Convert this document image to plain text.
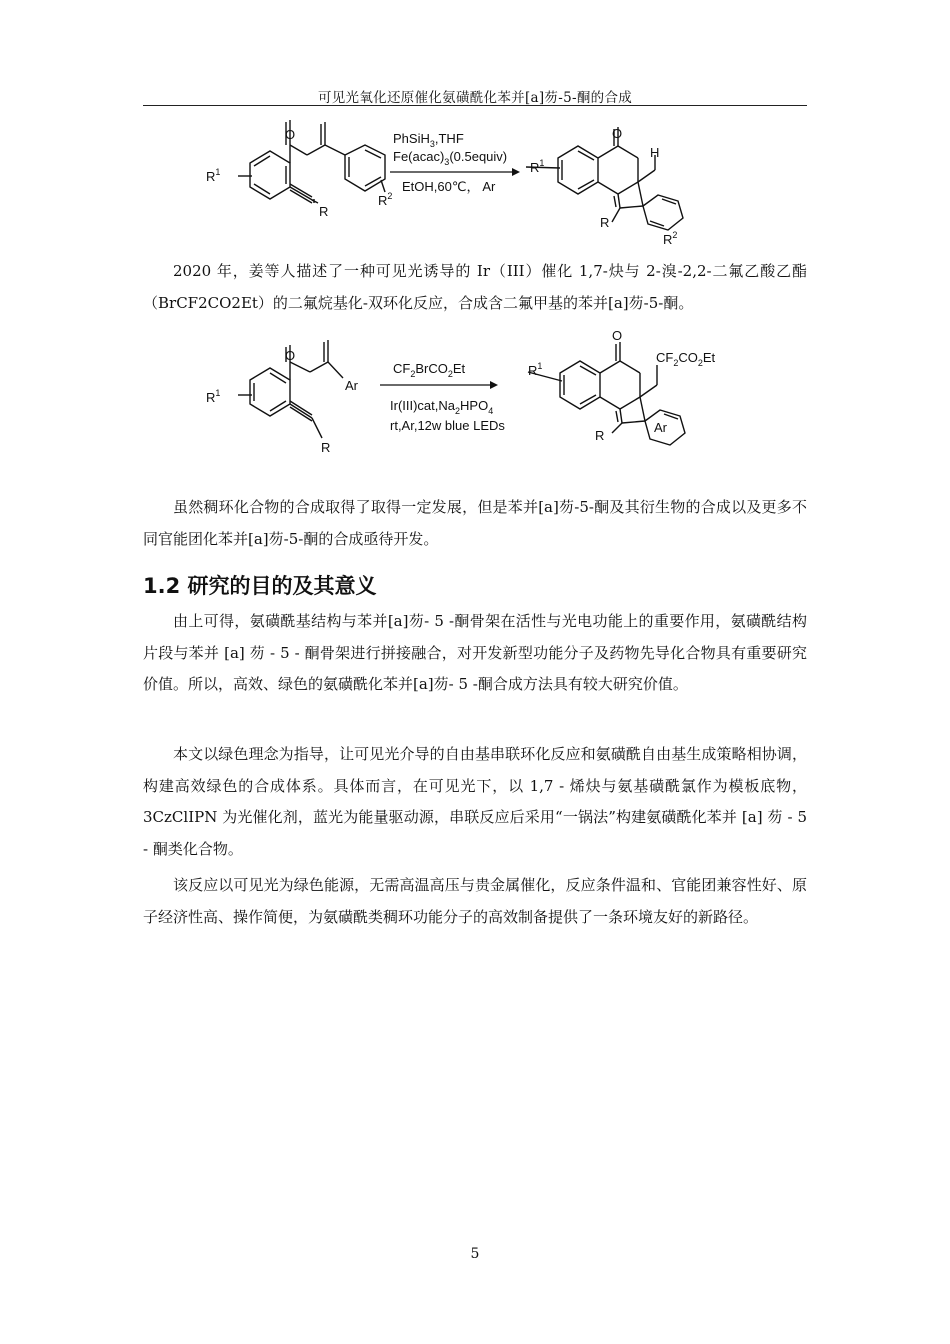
可见光氧化还原催化氨磺酰化苯并[a]芴-5-酮的合成
O
$R^1$
$R^2$
R
PhSiH$_3$,THF
$Fe(acac)_3(0.5equiv)$
EtOH,60℃， Ar
O
H
$R^1$
R
$R^2$

2020 年，姜等人描述了一种可见光诱导的 Ir（III）催化 1,7-炔与 2-溴-2,2-二氟乙酸乙酯（BrCF2CO2Et）的二氟烷基化-双环化反应，合成含二氟甲基的苯并[a]芴-5-酮。

O
Ar
$R^1$
R
$CF_2BrCO_2Et$
$Ir(III)cat,Na_2HPO_4$
rt,Ar,12w blue LEDs
O
$CF_2CO_2Et$
$R^1$
Ar
R

虽然稠环化合物的合成取得了取得一定发展，但是苯并[a]芴-5-酮及其衍生物的合成以及更多不同官能团化苯并[a]芴-5-酮的合成亟待开发。

1.2 研究的目的及其意义

由上可得，氨磺酰基结构与苯并[a]芴- 5 -酮骨架在活性与光电功能上的重要作用，氨磺酰结构片段与苯并 [a] 芴 - 5 - 酮骨架进行拼接融合，对开发新型功能分子及药物先导化合物具有重要研究价值。所以，高效、绿色的氨磺酰化苯并[a]芴- 5 -酮合成方法具有较大研究价值。

本文以绿色理念为指导，让可见光介导的自由基串联环化反应和氨磺酰自由基生成策略相协调，构建高效绿色的合成体系。具体而言，在可见光下，以 1,7 - 烯炔与氨基磺酰氯作为模板底物，3CzClIPN 为光催化剂，蓝光为能量驱动源，串联反应后采用“一锅法”构建氨磺酰化苯并 [a] 芴 - 5 - 酮类化合物。

该反应以可见光为绿色能源，无需高温高压与贵金属催化，反应条件温和、官能团兼容性好、原子经济性高、操作简便，为氨磺酰类稠环功能分子的高效制备提供了一条环境友好的新路径。

5
